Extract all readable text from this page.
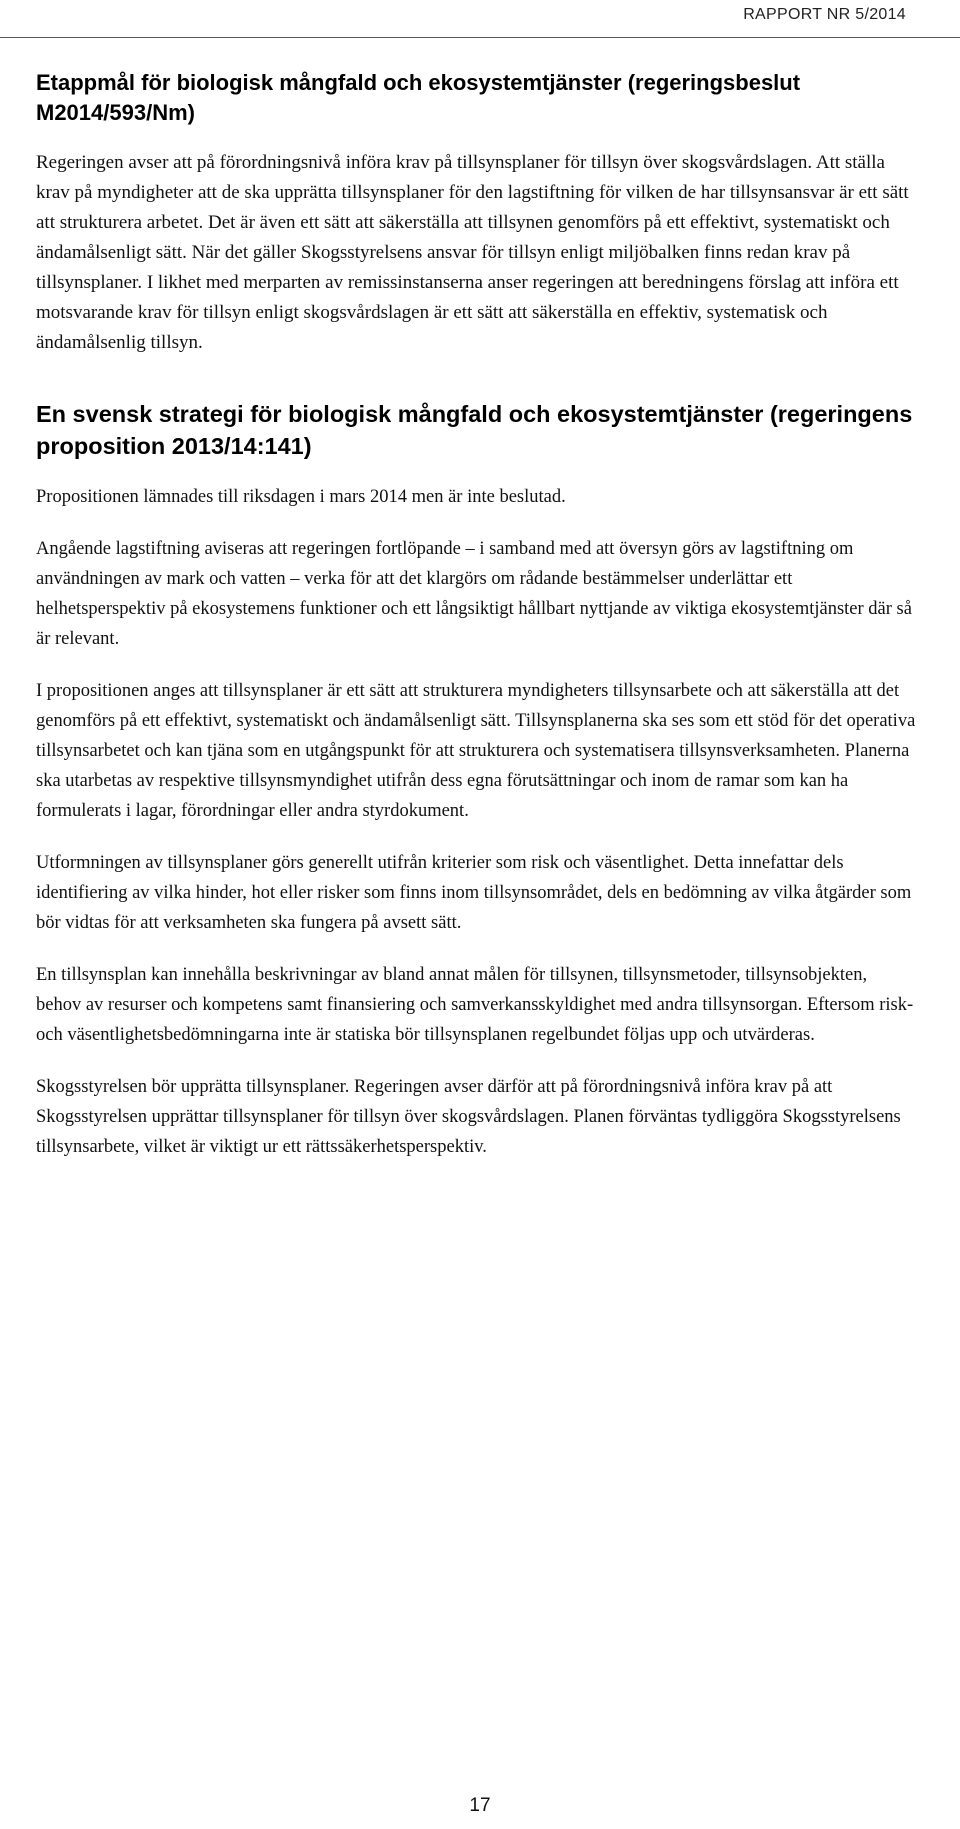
RAPPORT NR 5/2014
Etappmål för biologisk mångfald och ekosystemtjänster (regeringsbeslut M2014/593/Nm)

Regeringen avser att på förordningsnivå införa krav på tillsynsplaner för tillsyn över skogsvårdslagen. Att ställa krav på myndigheter att de ska upprätta tillsynsplaner för den lagstiftning för vilken de har tillsynsansvar är ett sätt att strukturera arbetet. Det är även ett sätt att säkerställa att tillsynen genomförs på ett effektivt, systematiskt och ändamålsenligt sätt. När det gäller Skogsstyrelsens ansvar för tillsyn enligt miljöbalken finns redan krav på tillsynsplaner. I likhet med merparten av remissinstanserna anser regeringen att beredningens förslag att införa ett motsvarande krav för tillsyn enligt skogsvårdslagen är ett sätt att säkerställa en effektiv, systematisk och ändamålsenlig tillsyn.

En svensk strategi för biologisk mångfald och ekosystemtjänster (regeringens proposition 2013/14:141)

Propositionen lämnades till riksdagen i mars 2014 men är inte beslutad.

Angående lagstiftning aviseras att regeringen fortlöpande – i samband med att översyn görs av lagstiftning om användningen av mark och vatten – verka för att det klargörs om rådande bestämmelser underlättar ett helhetsperspektiv på ekosystemens funktioner och ett långsiktigt hållbart nyttjande av viktiga ekosystemtjänster där så är relevant.

I propositionen anges att tillsynsplaner är ett sätt att strukturera myndigheters tillsynsarbete och att säkerställa att det genomförs på ett effektivt, systematiskt och ändamålsenligt sätt. Tillsynsplanerna ska ses som ett stöd för det operativa tillsynsarbetet och kan tjäna som en utgångspunkt för att strukturera och systematisera tillsynsverksamheten. Planerna ska utarbetas av respektive tillsynsmyndighet utifrån dess egna förutsättningar och inom de ramar som kan ha formulerats i lagar, förordningar eller andra styrdokument.

Utformningen av tillsynsplaner görs generellt utifrån kriterier som risk och väsentlighet. Detta innefattar dels identifiering av vilka hinder, hot eller risker som finns inom tillsynsområdet, dels en bedömning av vilka åtgärder som bör vidtas för att verksamheten ska fungera på avsett sätt.

En tillsynsplan kan innehålla beskrivningar av bland annat målen för tillsynen, tillsynsmetoder, tillsynsobjekten, behov av resurser och kompetens samt finansiering och samverkansskyldighet med andra tillsynsorgan. Eftersom risk- och väsentlighetsbedömningarna inte är statiska bör tillsynsplanen regelbundet följas upp och utvärderas.

Skogsstyrelsen bör upprätta tillsynsplaner. Regeringen avser därför att på förordningsnivå införa krav på att Skogsstyrelsen upprättar tillsynsplaner för tillsyn över skogsvårdslagen. Planen förväntas tydliggöra Skogsstyrelsens tillsynsarbete, vilket är viktigt ur ett rättssäkerhetsperspektiv.

17
